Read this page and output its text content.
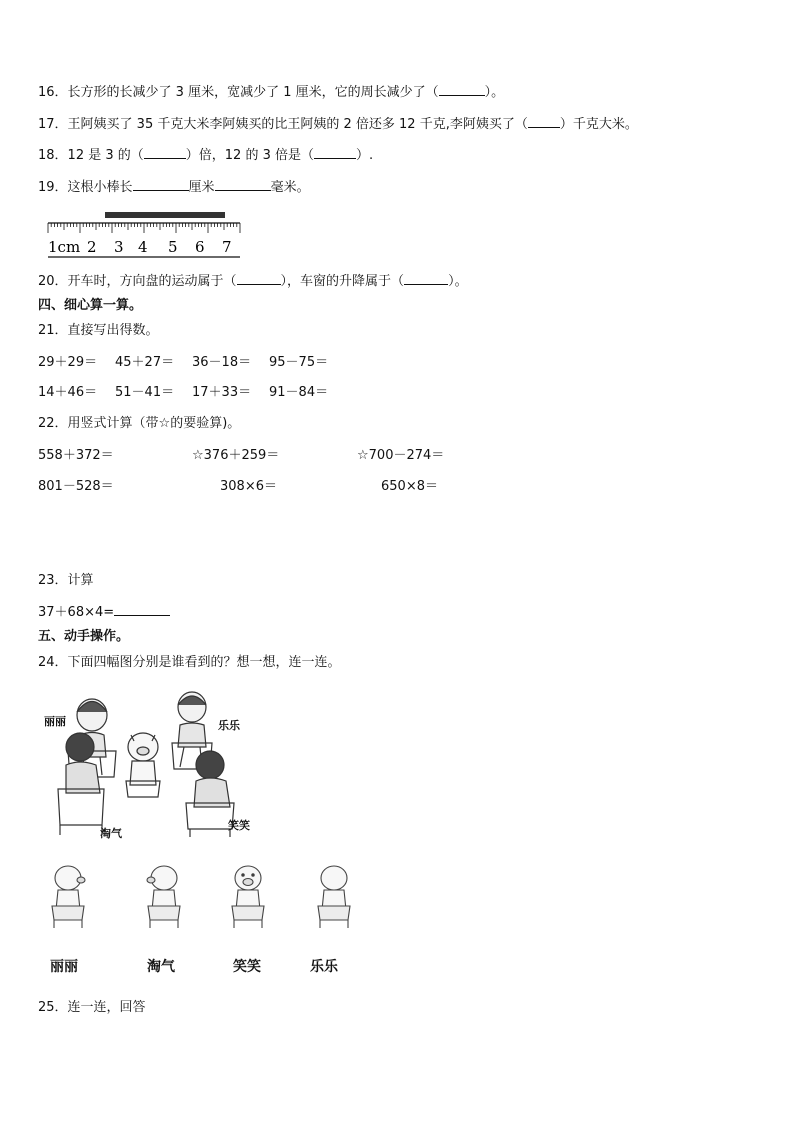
16．长方形的长减少了 3 厘米，宽减少了 1 厘米，它的周长减少了（	）。
17．王阿姨买了 35 千克大米李阿姨买的比王阿姨的 2 倍还多 12 千克,李阿姨买了（ ）千克大米。
18．12 是 3 的（	）倍，12 的 3 倍是（	）.
19．这根小棒长	厘米	毫米。
1cm 2 3 4 5 6 7
20．开车时，方向盘的运动属于（	），车窗的升降属于（	）。
四、细心算一算。
21．直接写出得数。
29＋29＝ 45＋27＝ 36－18＝ 95－75＝
14＋46＝ 51－41＝ 17＋33＝ 91－84＝
22．用竖式计算（带☆的要验算)。
558＋372＝	☆376＋259＝	☆700－274＝
801－528＝	308×6＝	650×8＝
23．计算
37＋68×4=
五、动手操作。
24．下面四幅图分别是谁看到的？想一想，连一连。
丽丽	乐乐
淘气
笑笑
丽丽	淘气	笑笑	乐乐
25．连一连，回答
